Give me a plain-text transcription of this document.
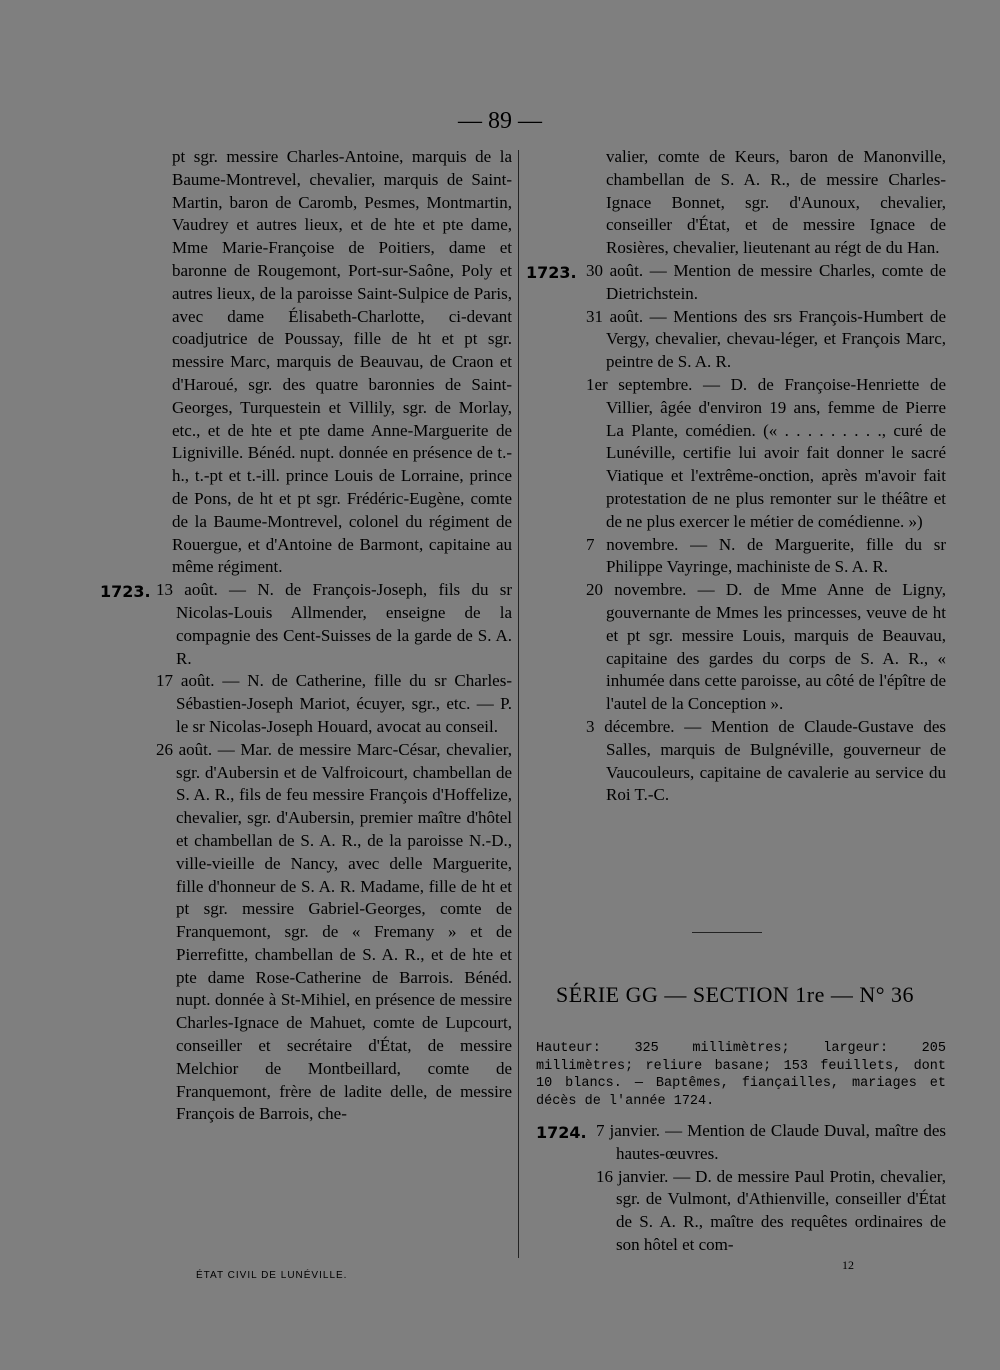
— 89 —

pt sgr. messire Charles-Antoine, marquis de la Baume-Montrevel, chevalier, marquis de Saint-Martin, baron de Caromb, Pesmes, Montmartin, Vaudrey et autres lieux, et de hte et pte dame, Mme Marie-Françoise de Poitiers, dame et baronne de Rougemont, Port-sur-Saône, Poly et autres lieux, de la paroisse Saint-Sulpice de Paris, avec dame Élisabeth-Charlotte, ci-devant coadjutrice de Poussay, fille de ht et pt sgr. messire Marc, marquis de Beauvau, de Craon et d'Haroué, sgr. des quatre baronnies de Saint-Georges, Turquestein et Villily, sgr. de Morlay, etc., et de hte et pte dame Anne-Marguerite de Ligniville. Bénéd. nupt. donnée en présence de t.-h., t.-pt et t.-ill. prince Louis de Lorraine, prince de Pons, de ht et pt sgr. Frédéric-Eugène, comte de la Baume-Montrevel, colonel du régiment de Rouergue, et d'Antoine de Barmont, capitaine au même régiment.

1723. 13 août. — N. de François-Joseph, fils du sr Nicolas-Louis Allmender, enseigne de la compagnie des Cent-Suisses de la garde de S. A. R.

17 août. — N. de Catherine, fille du sr Charles-Sébastien-Joseph Mariot, écuyer, sgr., etc. — P. le sr Nicolas-Joseph Houard, avocat au conseil.

26 août. — Mar. de messire Marc-César, chevalier, sgr. d'Aubersin et de Valfroicourt, chambellan de S. A. R., fils de feu messire François d'Hoffelize, chevalier, sgr. d'Aubersin, premier maître d'hôtel et chambellan de S. A. R., de la paroisse N.-D., ville-vieille de Nancy, avec delle Marguerite, fille d'honneur de S. A. R. Madame, fille de ht et pt sgr. messire Gabriel-Georges, comte de Franquemont, sgr. de « Fremany » et de Pierrefitte, chambellan de S. A. R., et de hte et pte dame Rose-Catherine de Barrois. Bénéd. nupt. donnée à St-Mihiel, en présence de messire Charles-Ignace de Mahuet, comte de Lupcourt, conseiller et secrétaire d'État, de messire Melchior de Montbeillard, comte de Franquemont, frère de ladite delle, de messire François de Barrois, che-

ÉTAT CIVIL DE LUNÉVILLE.

valier, comte de Keurs, baron de Manonville, chambellan de S. A. R., de messire Charles-Ignace Bonnet, sgr. d'Aunoux, chevalier, conseiller d'État, et de messire Ignace de Rosières, chevalier, lieutenant au régt de du Han.

1723. 30 août. — Mention de messire Charles, comte de Dietrichstein.

31 août. — Mentions des srs François-Humbert de Vergy, chevalier, chevau-léger, et François Marc, peintre de S. A. R.

1er septembre. — D. de Françoise-Henriette de Villier, âgée d'environ 19 ans, femme de Pierre La Plante, comédien. (« . . . . . . . . ., curé de Lunéville, certifie lui avoir fait donner le sacré Viatique et l'extrême-onction, après m'avoir fait protestation de ne plus remonter sur le théâtre et de ne plus exercer le métier de comédienne. »)

7 novembre. — N. de Marguerite, fille du sr Philippe Vayringe, machiniste de S. A. R.

20 novembre. — D. de Mme Anne de Ligny, gouvernante de Mmes les princesses, veuve de ht et pt sgr. messire Louis, marquis de Beauvau, capitaine des gardes du corps de S. A. R., « inhumée dans cette paroisse, au côté de l'épître de l'autel de la Conception ».

3 décembre. — Mention de Claude-Gustave des Salles, marquis de Bulgnéville, gouverneur de Vaucouleurs, capitaine de cavalerie au service du Roi T.-C.

SÉRIE GG — SECTION 1re — N° 36
Hauteur: 325 millimètres; largeur: 205 millimètres; reliure basane; 153 feuillets, dont 10 blancs. — Baptêmes, fiançailles, mariages et décès de l'année 1724.
1724. 7 janvier. — Mention de Claude Duval, maître des hautes-œuvres.

16 janvier. — D. de messire Paul Protin, chevalier, sgr. de Vulmont, d'Athienville, conseiller d'État de S. A. R., maître des requêtes ordinaires de son hôtel et com-

12
